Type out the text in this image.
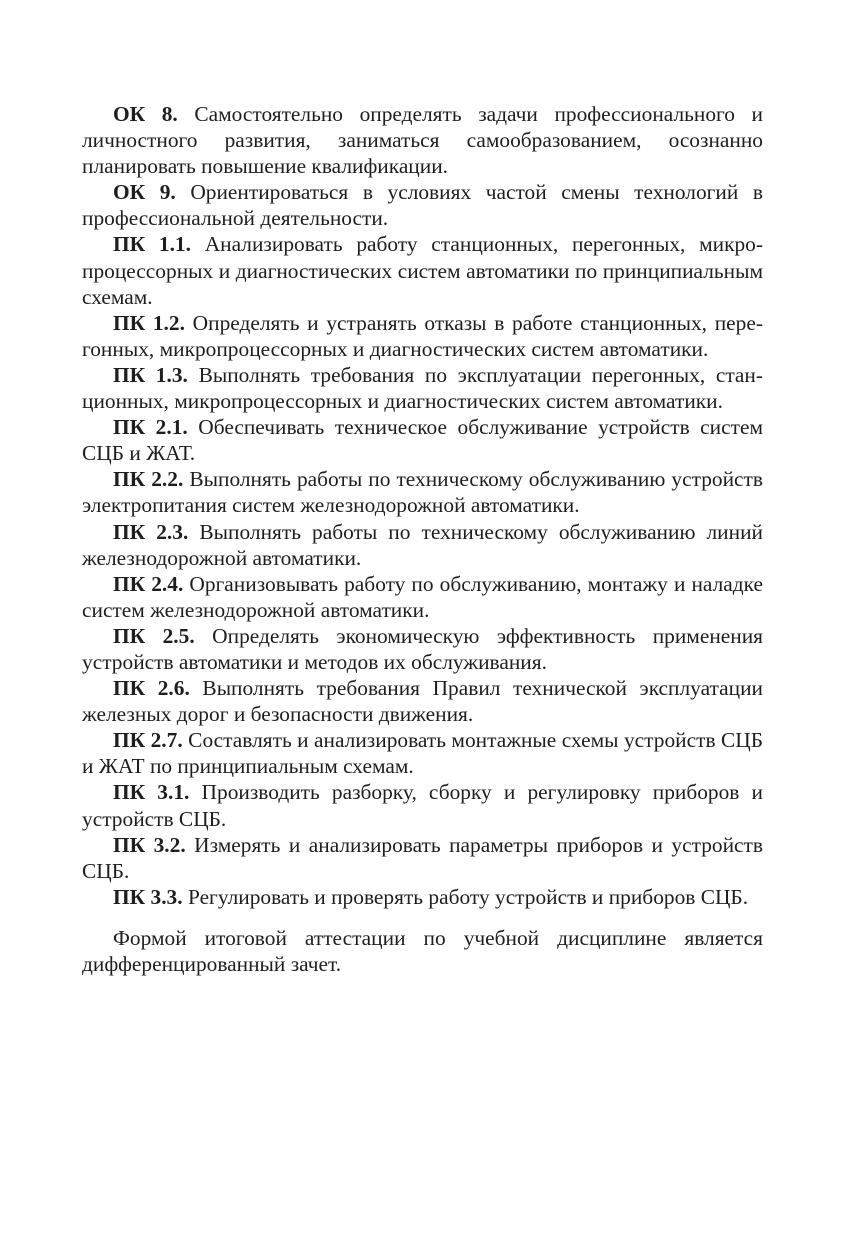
ОК 8. Самостоятельно определять задачи профессионального и личностного развития, заниматься самообразованием, осознанно планировать повышение квалификации.
ОК 9. Ориентироваться в условиях частой смены технологий в профессиональной деятельности.
ПК 1.1. Анализировать работу станционных, перегонных, микропроцессорных и диагностических систем автоматики по принципиальным схемам.
ПК 1.2. Определять и устранять отказы в работе станционных, перегонных, микропроцессорных и диагностических систем автоматики.
ПК 1.3. Выполнять требования по эксплуатации перегонных, станционных, микропроцессорных и диагностических систем автоматики.
ПК 2.1. Обеспечивать техническое обслуживание устройств систем СЦБ и ЖАТ.
ПК 2.2. Выполнять работы по техническому обслуживанию устройств электропитания систем железнодорожной автоматики.
ПК 2.3. Выполнять работы по техническому обслуживанию линий железнодорожной автоматики.
ПК 2.4. Организовывать работу по обслуживанию, монтажу и наладке систем железнодорожной автоматики.
ПК 2.5. Определять экономическую эффективность применения устройств автоматики и методов их обслуживания.
ПК 2.6. Выполнять требования Правил технической эксплуатации железных дорог и безопасности движения.
ПК 2.7. Составлять и анализировать монтажные схемы устройств СЦБ и ЖАТ по принципиальным схемам.
ПК 3.1. Производить разборку, сборку и регулировку приборов и устройств СЦБ.
ПК 3.2. Измерять и анализировать параметры приборов и устройств СЦБ.
ПК 3.3. Регулировать и проверять работу устройств и приборов СЦБ.
Формой итоговой аттестации по учебной дисциплине является дифференцированный зачет.
